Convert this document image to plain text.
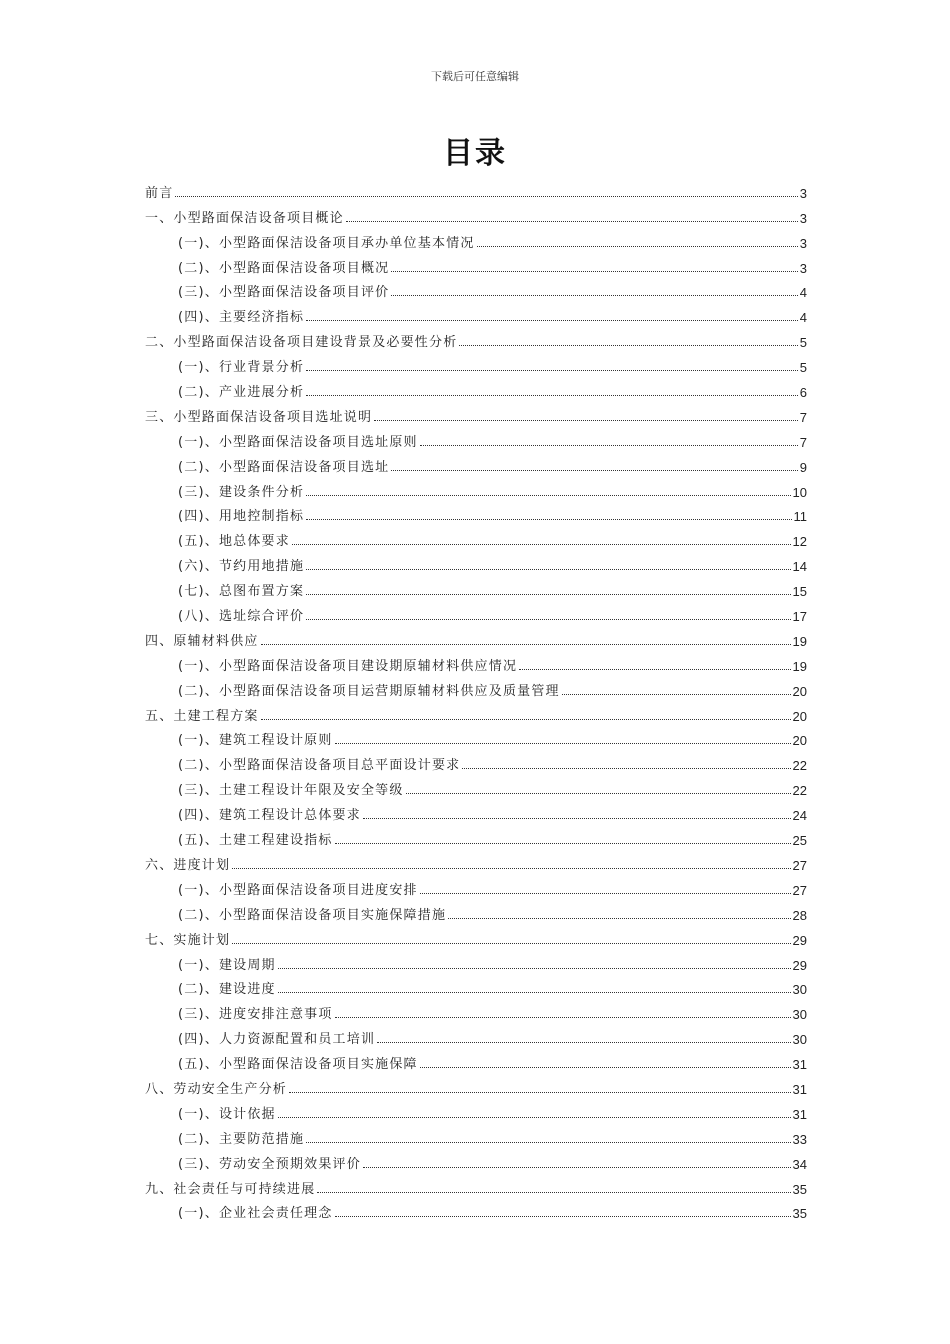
下载后可任意编辑
目录
前言	3
一、小型路面保洁设备项目概论	3
(一)、小型路面保洁设备项目承办单位基本情况	3
(二)、小型路面保洁设备项目概况	3
(三)、小型路面保洁设备项目评价	4
(四)、主要经济指标	4
二、小型路面保洁设备项目建设背景及必要性分析	5
(一)、行业背景分析	5
(二)、产业进展分析	6
三、小型路面保洁设备项目选址说明	7
(一)、小型路面保洁设备项目选址原则	7
(二)、小型路面保洁设备项目选址	9
(三)、建设条件分析	10
(四)、用地控制指标	11
(五)、地总体要求	12
(六)、节约用地措施	14
(七)、总图布置方案	15
(八)、选址综合评价	17
四、原辅材料供应	19
(一)、小型路面保洁设备项目建设期原辅材料供应情况	19
(二)、小型路面保洁设备项目运营期原辅材料供应及质量管理	20
五、土建工程方案	20
(一)、建筑工程设计原则	20
(二)、小型路面保洁设备项目总平面设计要求	22
(三)、土建工程设计年限及安全等级	22
(四)、建筑工程设计总体要求	24
(五)、土建工程建设指标	25
六、进度计划	27
(一)、小型路面保洁设备项目进度安排	27
(二)、小型路面保洁设备项目实施保障措施	28
七、实施计划	29
(一)、建设周期	29
(二)、建设进度	30
(三)、进度安排注意事项	30
(四)、人力资源配置和员工培训	30
(五)、小型路面保洁设备项目实施保障	31
八、劳动安全生产分析	31
(一)、设计依据	31
(二)、主要防范措施	33
(三)、劳动安全预期效果评价	34
九、社会责任与可持续进展	35
(一)、企业社会责任理念	35
